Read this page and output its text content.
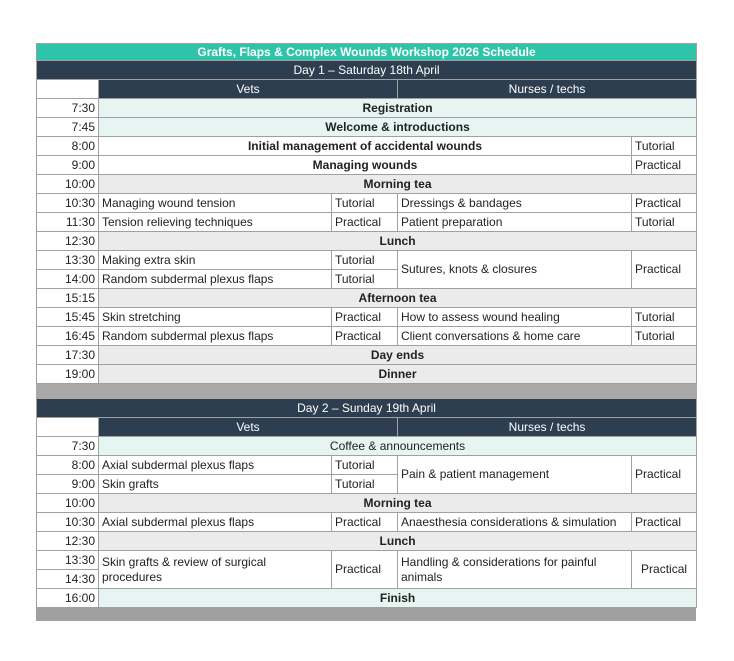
Grafts, Flaps & Complex Wounds Workshop 2026 Schedule				
Day 1 – Saturday 18th April				
	Vets		Nurses / techs	
7:30	Registration			
7:45	Welcome & introductions			
8:00	Initial management of accidental wounds			Tutorial
9:00	Managing wounds			Practical
10:00	Morning tea			
10:30	Managing wound tension	Tutorial	Dressings & bandages	Practical
11:30	Tension relieving techniques	Practical	Patient preparation	Tutorial
12:30	Lunch			
13:30	Making extra skin	Tutorial	Sutures, knots & closures	Practical
14:00	Random subdermal plexus flaps	Tutorial		
15:15	Afternoon tea			
15:45	Skin stretching	Practical	How to assess wound healing	Tutorial
16:45	Random subdermal plexus flaps	Practical	Client conversations & home care	Tutorial
17:30	Day ends			
19:00	Dinner			

Day 2 – Sunday 19th April				
	Vets		Nurses / techs	
7:30	Coffee & announcements			
8:00	Axial subdermal plexus flaps	Tutorial	Pain & patient management	Practical
9:00	Skin grafts	Tutorial		
10:00	Morning tea			
10:30	Axial subdermal plexus flaps	Practical	Anaesthesia considerations & simulation	Practical
12:30	Lunch			
13:30	Skin grafts & review of surgical procedures	Practical	Handling & considerations for painful animals	Practical
14:30				
16:00	Finish			
